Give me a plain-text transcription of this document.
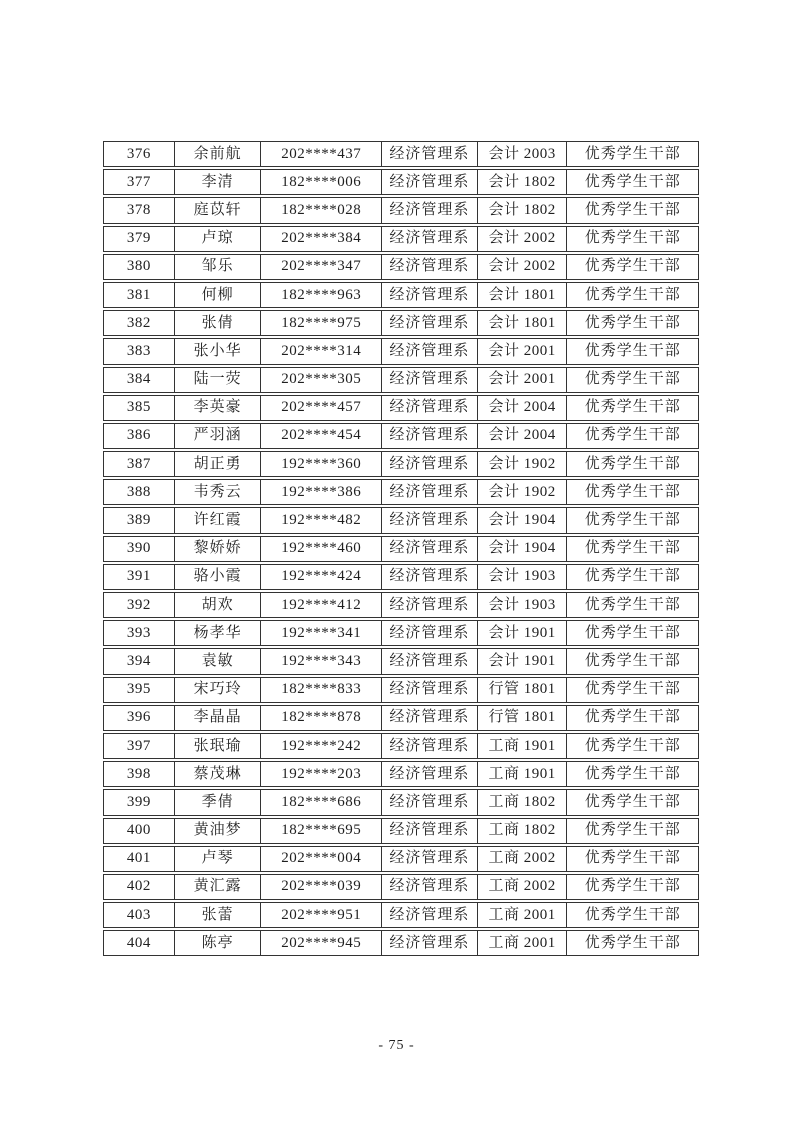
376	余前航	202****437	经济管理系	会计 2003	优秀学生干部
377	李清	182****006	经济管理系	会计 1802	优秀学生干部
378	庭苡轩	182****028	经济管理系	会计 1802	优秀学生干部
379	卢琼	202****384	经济管理系	会计 2002	优秀学生干部
380	邹乐	202****347	经济管理系	会计 2002	优秀学生干部
381	何柳	182****963	经济管理系	会计 1801	优秀学生干部
382	张倩	182****975	经济管理系	会计 1801	优秀学生干部
383	张小华	202****314	经济管理系	会计 2001	优秀学生干部
384	陆一荧	202****305	经济管理系	会计 2001	优秀学生干部
385	李英豪	202****457	经济管理系	会计 2004	优秀学生干部
386	严羽涵	202****454	经济管理系	会计 2004	优秀学生干部
387	胡正勇	192****360	经济管理系	会计 1902	优秀学生干部
388	韦秀云	192****386	经济管理系	会计 1902	优秀学生干部
389	许红霞	192****482	经济管理系	会计 1904	优秀学生干部
390	黎娇娇	192****460	经济管理系	会计 1904	优秀学生干部
391	骆小霞	192****424	经济管理系	会计 1903	优秀学生干部
392	胡欢	192****412	经济管理系	会计 1903	优秀学生干部
393	杨孝华	192****341	经济管理系	会计 1901	优秀学生干部
394	袁敏	192****343	经济管理系	会计 1901	优秀学生干部
395	宋巧玲	182****833	经济管理系	行管 1801	优秀学生干部
396	李晶晶	182****878	经济管理系	行管 1801	优秀学生干部
397	张珉瑜	192****242	经济管理系	工商 1901	优秀学生干部
398	蔡茂琳	192****203	经济管理系	工商 1901	优秀学生干部
399	季倩	182****686	经济管理系	工商 1802	优秀学生干部
400	黄油梦	182****695	经济管理系	工商 1802	优秀学生干部
401	卢琴	202****004	经济管理系	工商 2002	优秀学生干部
402	黄汇露	202****039	经济管理系	工商 2002	优秀学生干部
403	张蕾	202****951	经济管理系	工商 2001	优秀学生干部
404	陈亭	202****945	经济管理系	工商 2001	优秀学生干部
- 75 -
